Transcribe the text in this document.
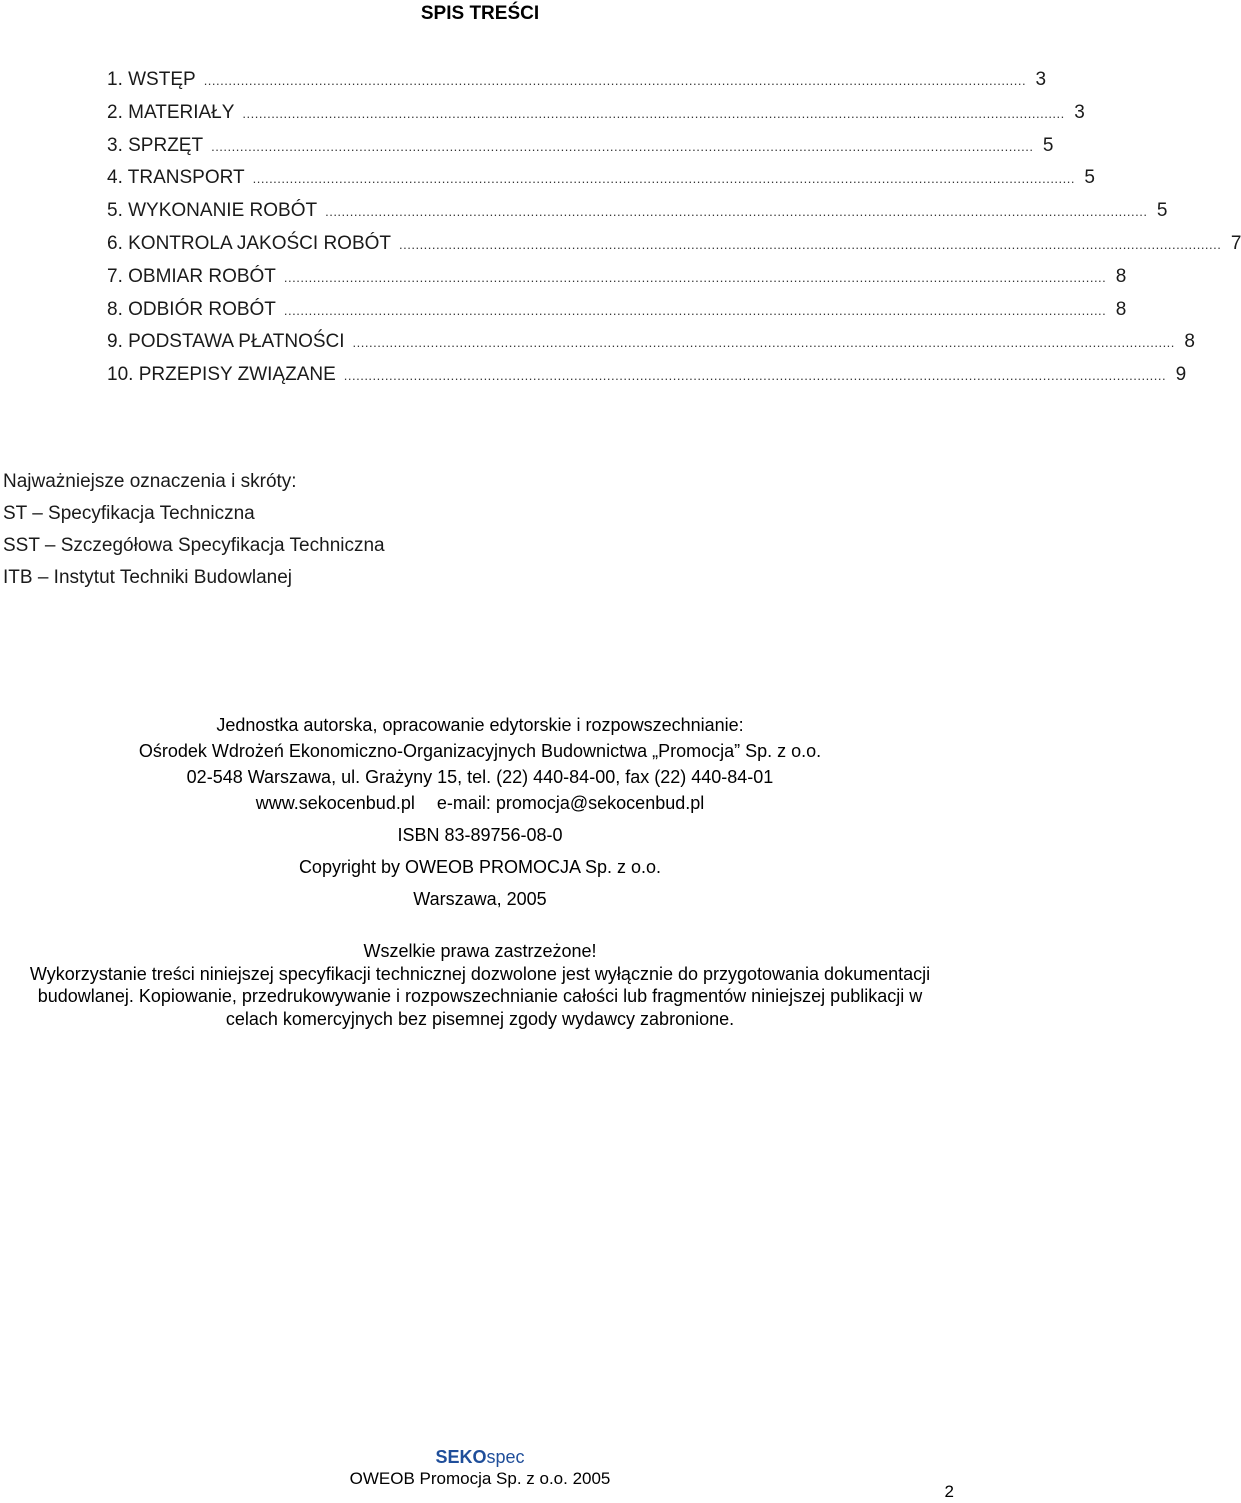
SPIS TREŚCI
1. WSTĘP ........................................................................................................................................................................................................ 3
2. MATERIAŁY ........................................................................................................................................................................................................ 3
3. SPRZĘT ........................................................................................................................................................................................................ 5
4. TRANSPORT ........................................................................................................................................................................................................ 5
5. WYKONANIE ROBÓT ........................................................................................................................................................................................................ 5
6. KONTROLA JAKOŚCI ROBÓT ........................................................................................................................................................................................................ 7
7. OBMIAR ROBÓT ........................................................................................................................................................................................................ 8
8. ODBIÓR ROBÓT ........................................................................................................................................................................................................ 8
9. PODSTAWA PŁATNOŚCI ........................................................................................................................................................................................................ 8
10. PRZEPISY ZWIĄZANE ........................................................................................................................................................................................................ 9
Najważniejsze oznaczenia i skróty:
ST – Specyfikacja Techniczna
SST – Szczegółowa Specyfikacja Techniczna
ITB – Instytut Techniki Budowlanej
Jednostka autorska, opracowanie edytorskie i rozpowszechnianie:
Ośrodek Wdrożeń Ekonomiczno-Organizacyjnych Budownictwa „Promocja” Sp. z o.o.
02-548 Warszawa, ul. Grażyny 15, tel. (22) 440-84-00, fax (22) 440-84-01
www.sekocenbud.pl e-mail: promocja@sekocenbud.pl
ISBN 83-89756-08-0
Copyright by OWEOB PROMOCJA Sp. z o.o.
Warszawa, 2005
Wszelkie prawa zastrzeżone!
Wykorzystanie treści niniejszej specyfikacji technicznej dozwolone jest wyłącznie do przygotowania dokumentacji budowlanej. Kopiowanie, przedrukowywanie i rozpowszechnianie całości lub fragmentów niniejszej publikacji w celach komercyjnych bez pisemnej zgody wydawcy zabronione.
SEKOspec
OWEOB Promocja Sp. z o.o. 2005
2
